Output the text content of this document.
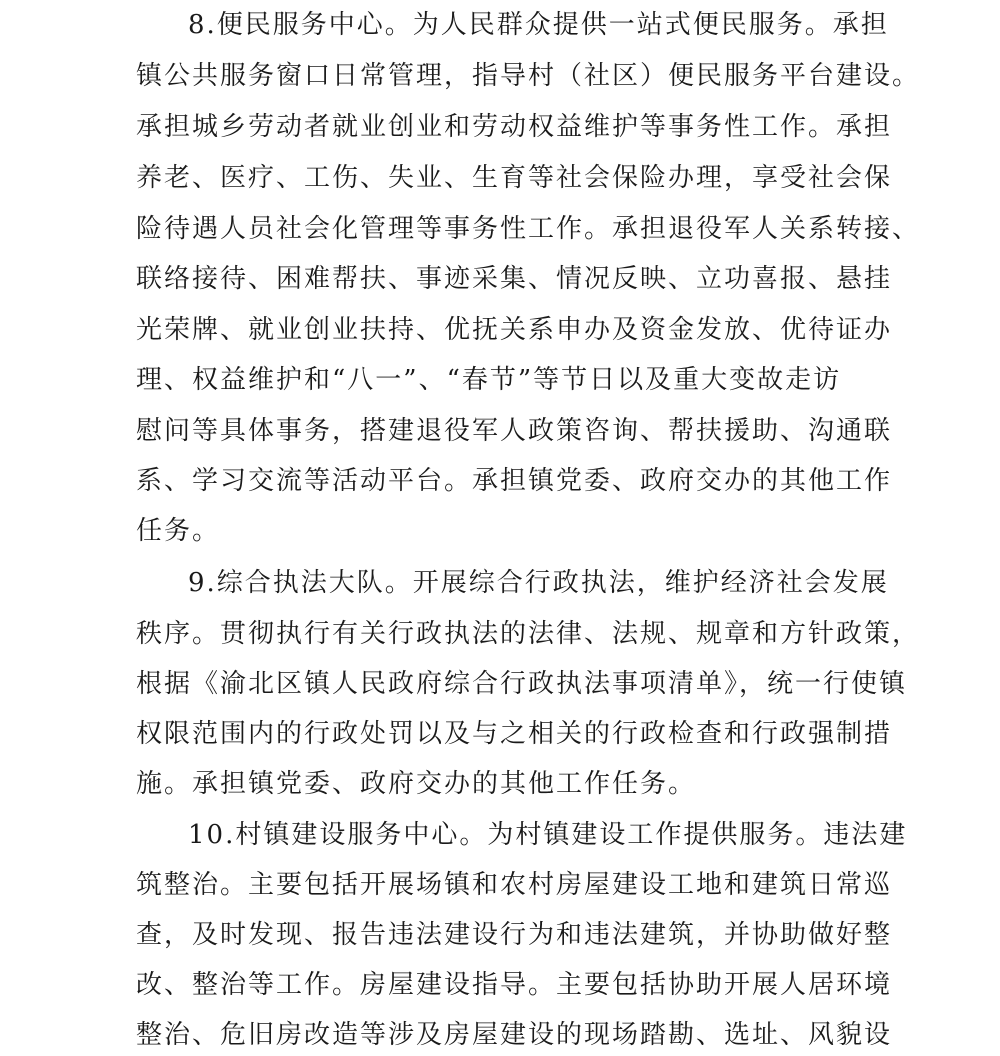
8.便民服务中心。为人民群众提供一站式便民服务。承担
镇公共服务窗口日常管理，指导村（社区）便民服务平台建设。
承担城乡劳动者就业创业和劳动权益维护等事务性工作。承担
养老、医疗、工伤、失业、生育等社会保险办理，享受社会保
险待遇人员社会化管理等事务性工作。承担退役军人关系转接、
联络接待、困难帮扶、事迹采集、情况反映、立功喜报、悬挂
光荣牌、就业创业扶持、优抚关系申办及资金发放、优待证办
理、权益维护和“八一”、“春节”等节日以及重大变故走访
慰问等具体事务，搭建退役军人政策咨询、帮扶援助、沟通联
系、学习交流等活动平台。承担镇党委、政府交办的其他工作
任务。
9.综合执法大队。开展综合行政执法，维护经济社会发展
秩序。贯彻执行有关行政执法的法律、法规、规章和方针政策，
根据《渝北区镇人民政府综合行政执法事项清单》，统一行使镇
权限范围内的行政处罚以及与之相关的行政检查和行政强制措
施。承担镇党委、政府交办的其他工作任务。
10.村镇建设服务中心。为村镇建设工作提供服务。违法建
筑整治。主要包括开展场镇和农村房屋建设工地和建筑日常巡
查，及时发现、报告违法建设行为和违法建筑，并协助做好整
改、整治等工作。房屋建设指导。主要包括协助开展人居环境
整治、危旧房改造等涉及房屋建设的现场踏勘、选址、风貌设
